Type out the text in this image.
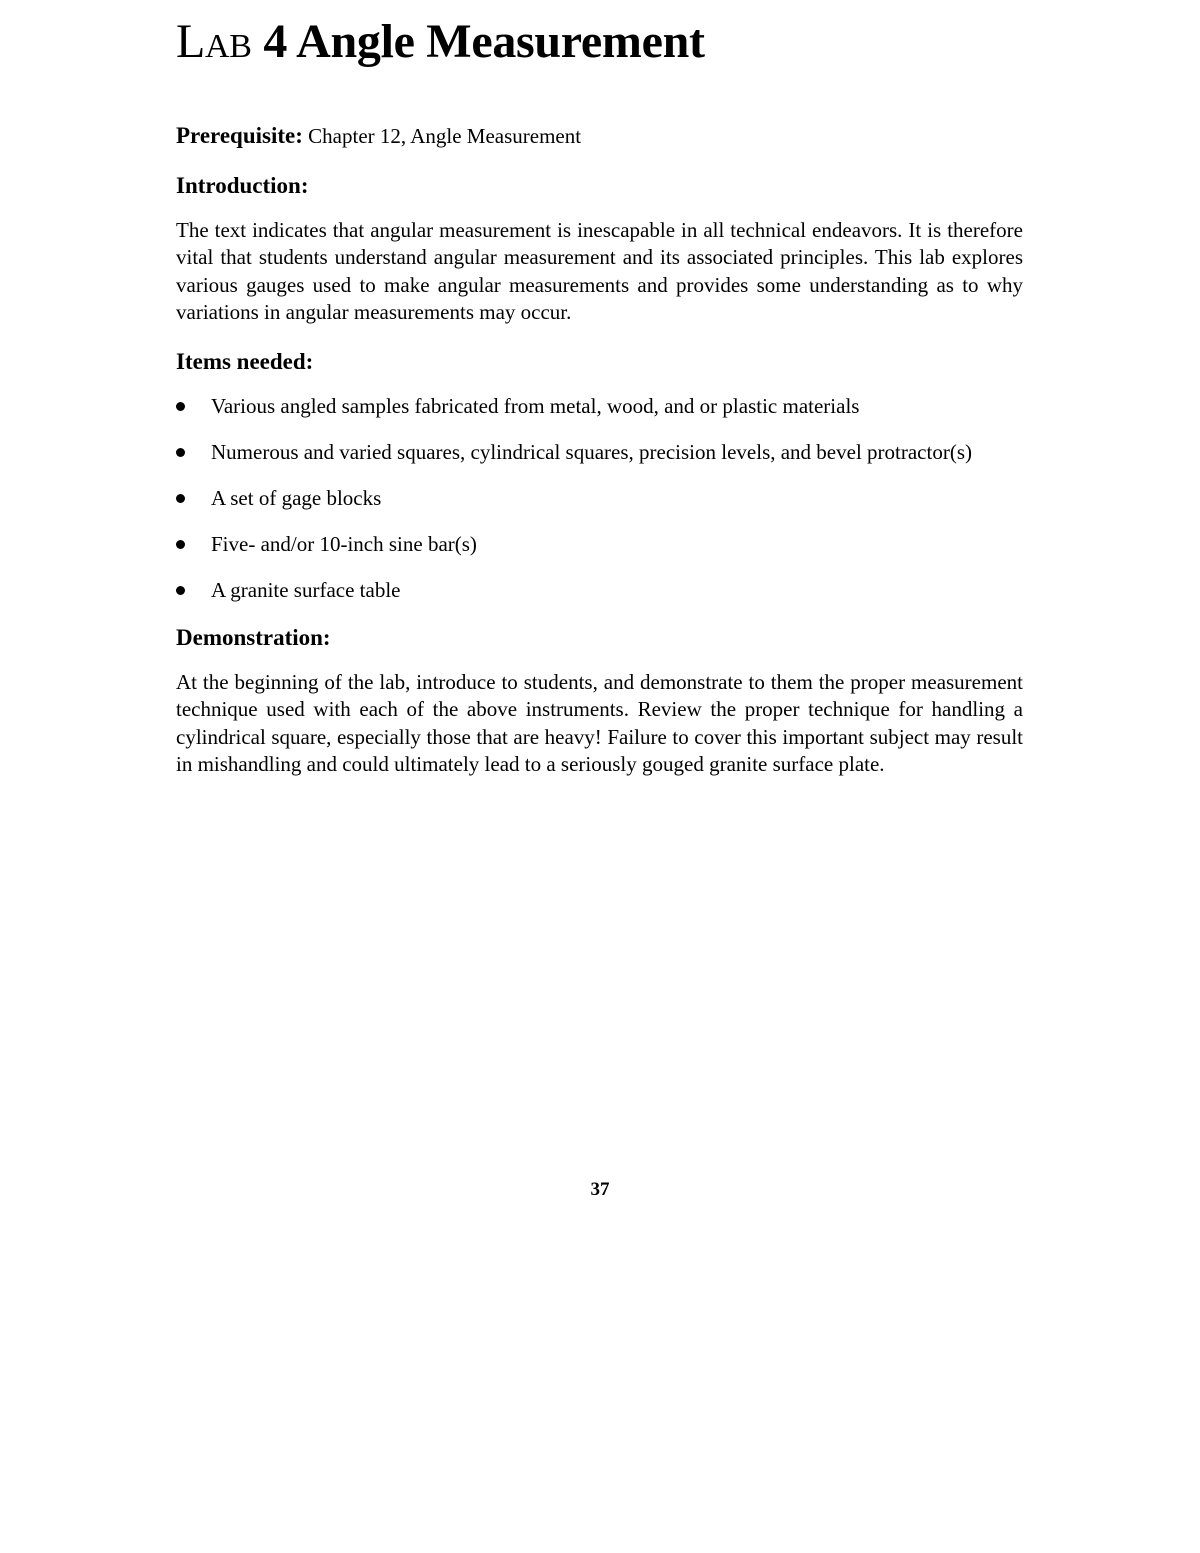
Lab 4 Angle Measurement
Prerequisite: Chapter 12, Angle Measurement
Introduction:

The text indicates that angular measurement is inescapable in all technical endeavors. It is therefore vital that students understand angular measurement and its associated principles. This lab explores various gauges used to make angular measurements and provides some understanding as to why variations in angular measurements may occur.

Items needed:
Various angled samples fabricated from metal, wood, and or plastic materials
Numerous and varied squares, cylindrical squares, precision levels, and bevel protractor(s)
A set of gage blocks
Five- and/or 10-inch sine bar(s)
A granite surface table
Demonstration:

At the beginning of the lab, introduce to students, and demonstrate to them the proper measurement technique used with each of the above instruments. Review the proper technique for handling a cylindrical square, especially those that are heavy! Failure to cover this important subject may result in mishandling and could ultimately lead to a seriously gouged granite surface plate.

37
